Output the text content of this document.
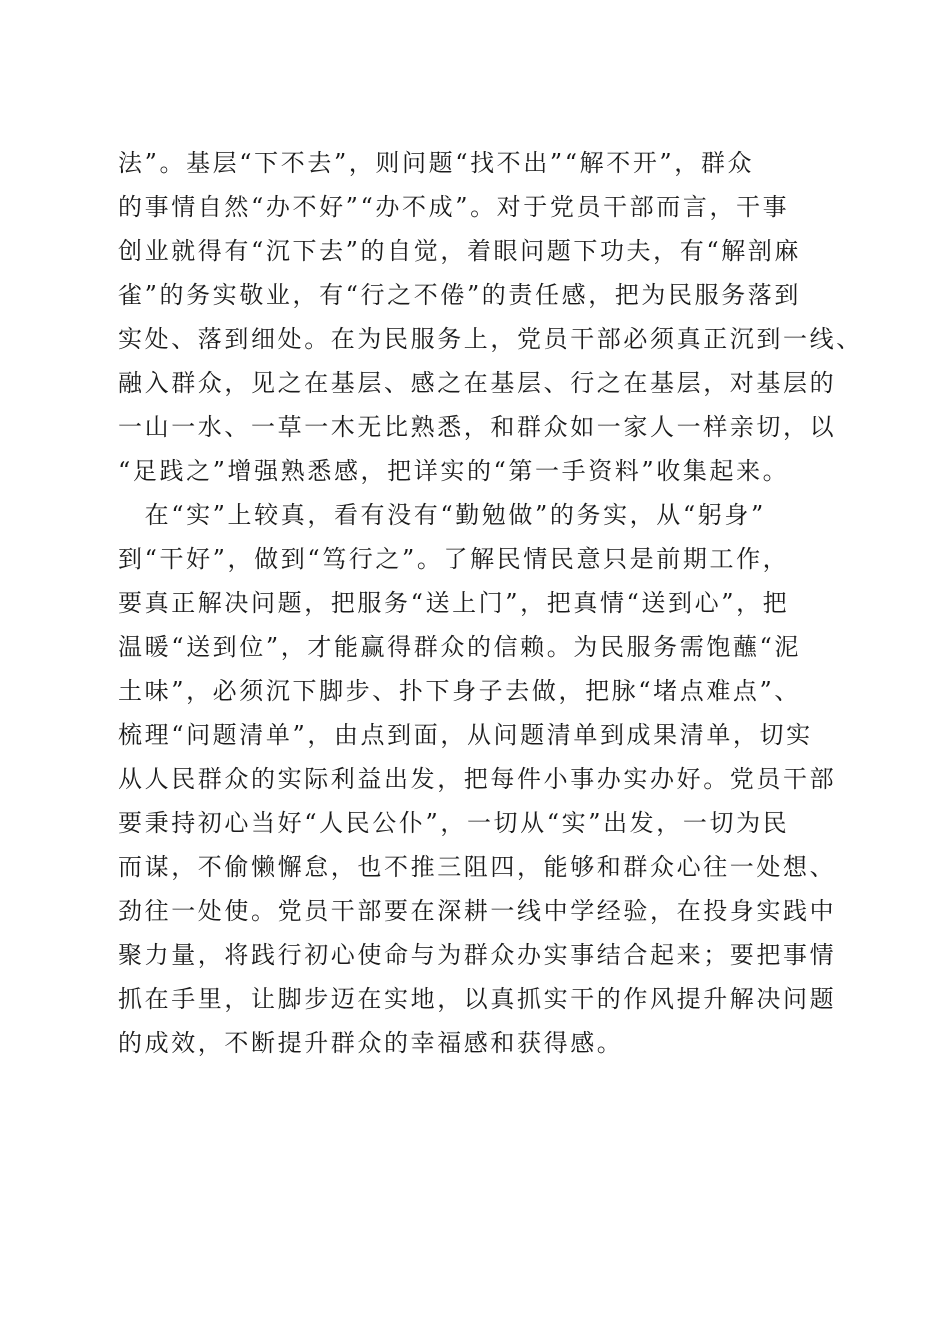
法”。基层“下不去”，则问题“找不出”“解不开”，群众
的事情自然“办不好”“办不成”。对于党员干部而言，干事
创业就得有“沉下去”的自觉，着眼问题下功夫，有“解剖麻
雀”的务实敬业，有“行之不倦”的责任感，把为民服务落到
实处、落到细处。在为民服务上，党员干部必须真正沉到一线、
融入群众，见之在基层、感之在基层、行之在基层，对基层的
一山一水、一草一木无比熟悉，和群众如一家人一样亲切，以
“足践之”增强熟悉感，把详实的“第一手资料”收集起来。
　在“实”上较真，看有没有“勤勉做”的务实，从“躬身”
到“干好”，做到“笃行之”。了解民情民意只是前期工作，
要真正解决问题，把服务“送上门”，把真情“送到心”，把
温暖“送到位”，才能赢得群众的信赖。为民服务需饱蘸“泥
土味”，必须沉下脚步、扑下身子去做，把脉“堵点难点”、
梳理“问题清单”，由点到面，从问题清单到成果清单，切实
从人民群众的实际利益出发，把每件小事办实办好。党员干部
要秉持初心当好“人民公仆”，一切从“实”出发，一切为民
而谋，不偷懒懈怠，也不推三阻四，能够和群众心往一处想、
劲往一处使。党员干部要在深耕一线中学经验，在投身实践中
聚力量，将践行初心使命与为群众办实事结合起来；要把事情
抓在手里，让脚步迈在实地，以真抓实干的作风提升解决问题
的成效，不断提升群众的幸福感和获得感。
